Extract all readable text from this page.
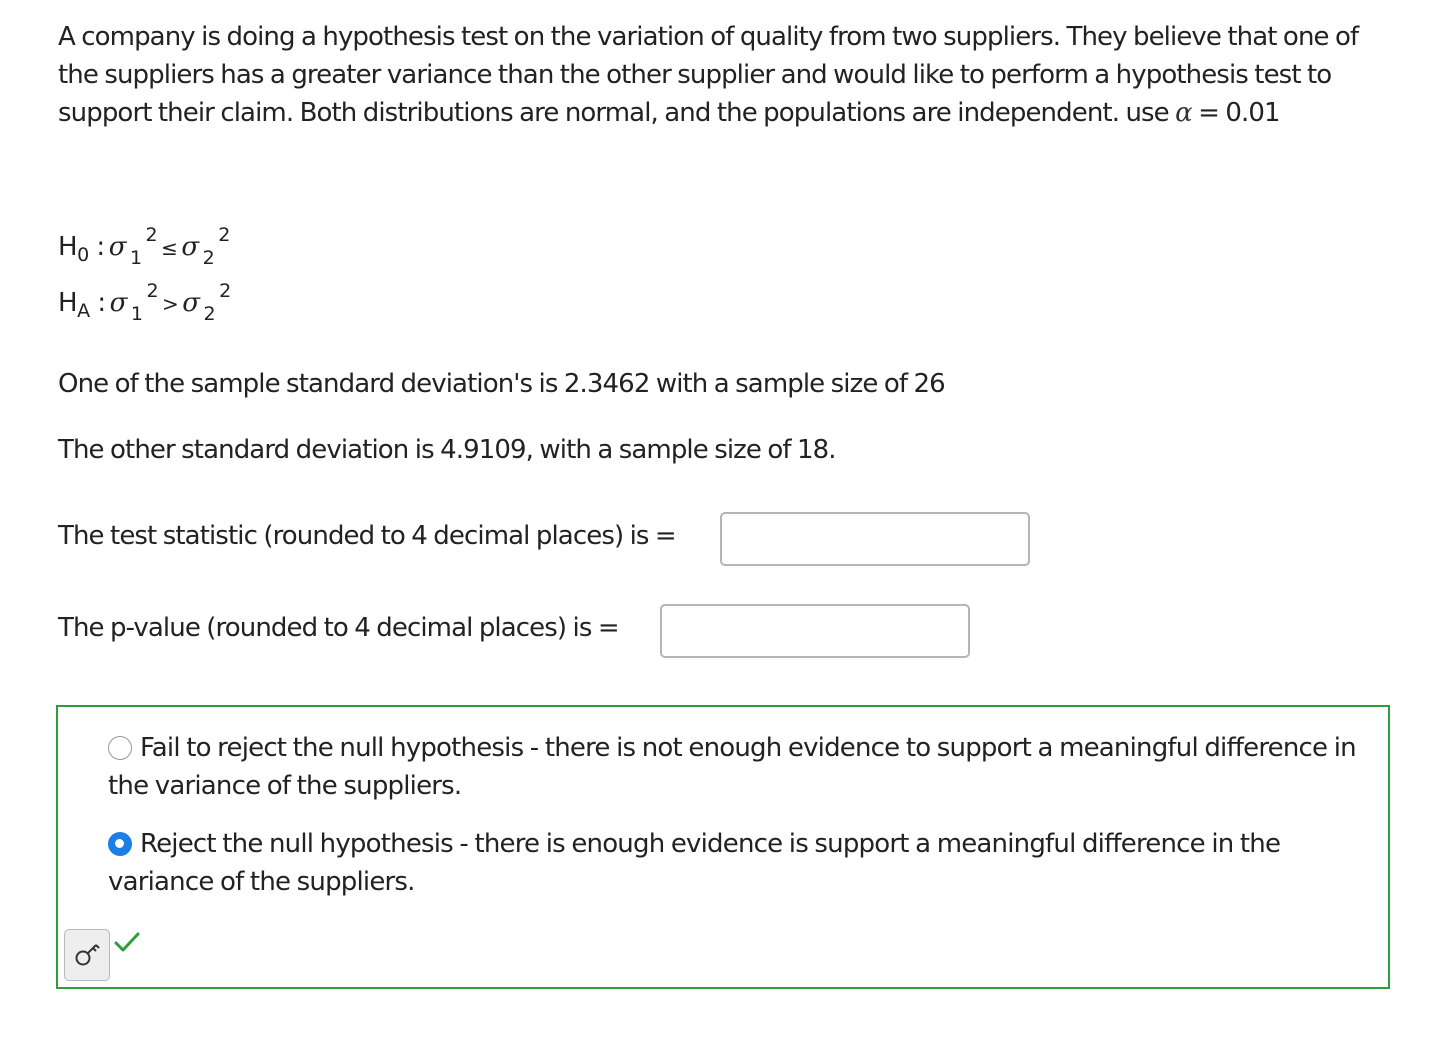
A company is doing a hypothesis test on the variation of quality from two suppliers. They believe that one of the suppliers has a greater variance than the other supplier and would like to perform a hypothesis test to support their claim. Both distributions are normal, and the populations are independent. use α = 0.01
$H_0$ : σ $_1^2$≤ σ $_2^2$
$H_A$ : σ $_1^2$> σ $_2^2$
One of the sample standard deviation's is 2.3462 with a sample size of 26
The other standard deviation is 4.9109, with a sample size of 18.
The test statistic (rounded to 4 decimal places) is =
The p-value (rounded to 4 decimal places) is =
Fail to reject the null hypothesis - there is not enough evidence to support a meaningful difference in the variance of the suppliers.
Reject the null hypothesis - there is enough evidence is support a meaningful difference in the variance of the suppliers.
